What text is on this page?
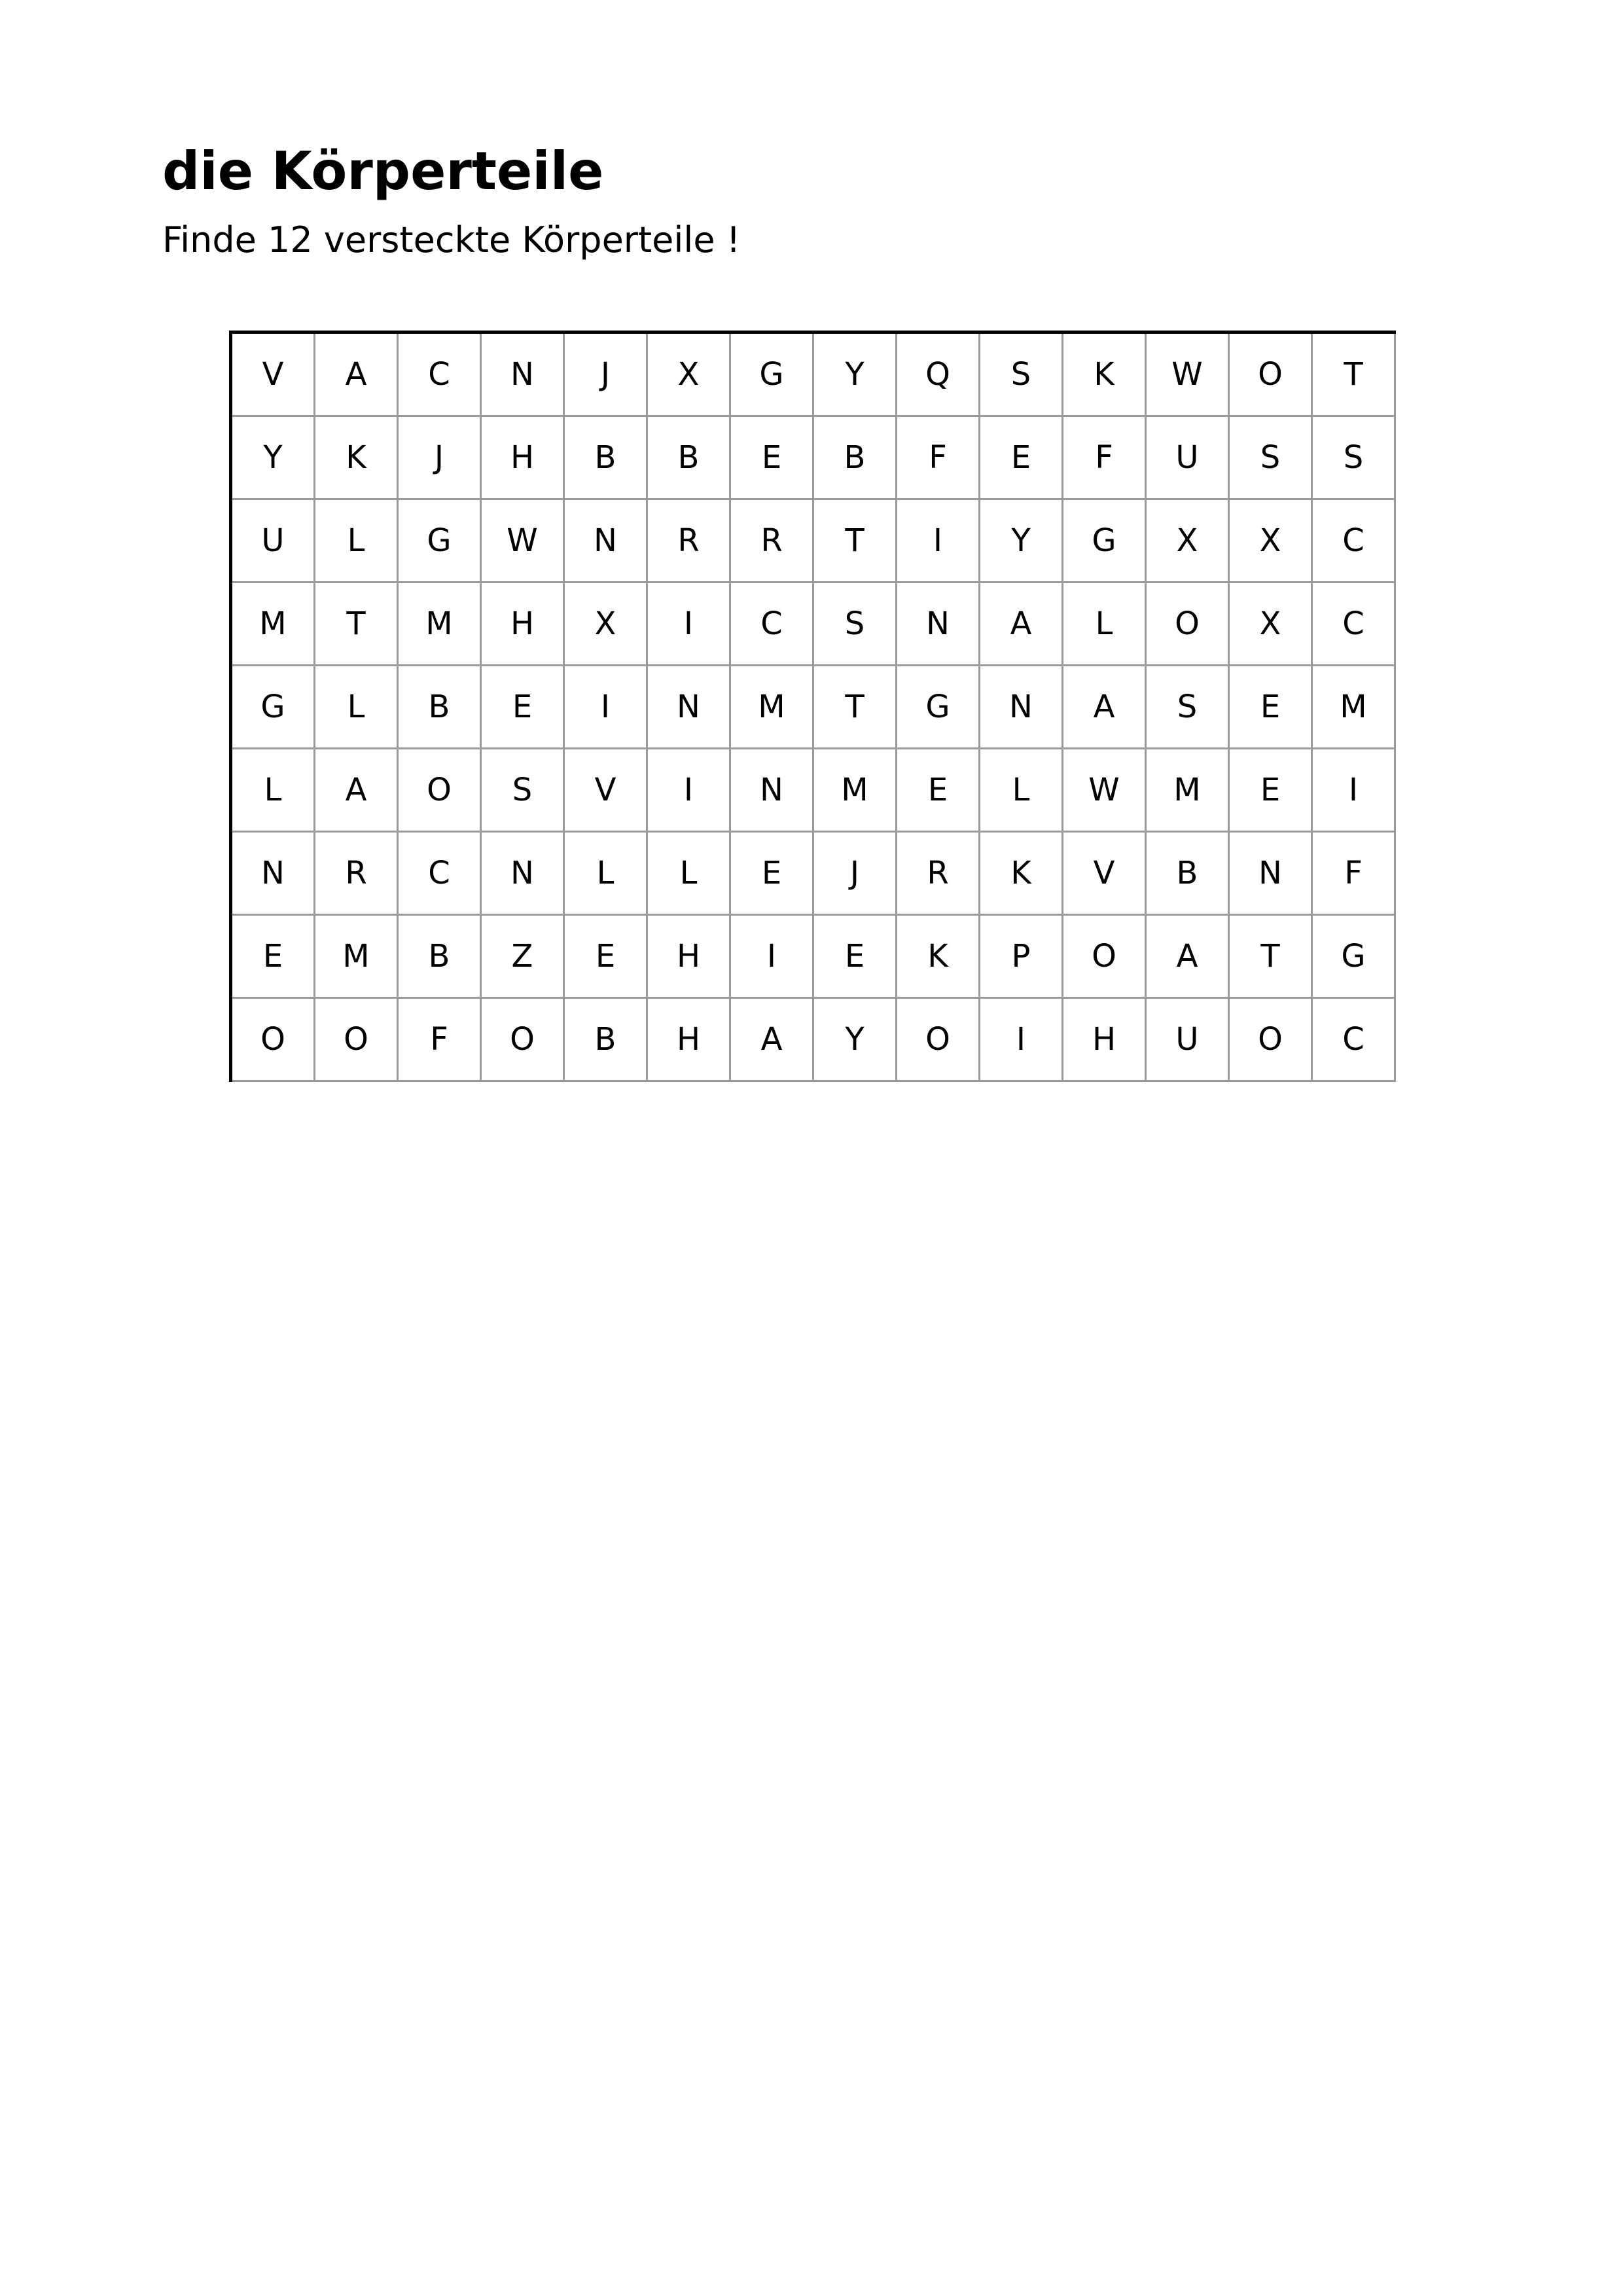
die Körperteile

Finde 12 versteckte Körperteile !

V	A	C	N	J	X	G	Y	Q	S	K	W	O	T
Y	K	J	H	B	B	E	B	F	E	F	U	S	S
U	L	G	W	N	R	R	T	I	Y	G	X	X	C
M	T	M	H	X	I	C	S	N	A	L	O	X	C
G	L	B	E	I	N	M	T	G	N	A	S	E	M
L	A	O	S	V	I	N	M	E	L	W	M	E	I
N	R	C	N	L	L	E	J	R	K	V	B	N	F
E	M	B	Z	E	H	I	E	K	P	O	A	T	G
O	O	F	O	B	H	A	Y	O	I	H	U	O	C
